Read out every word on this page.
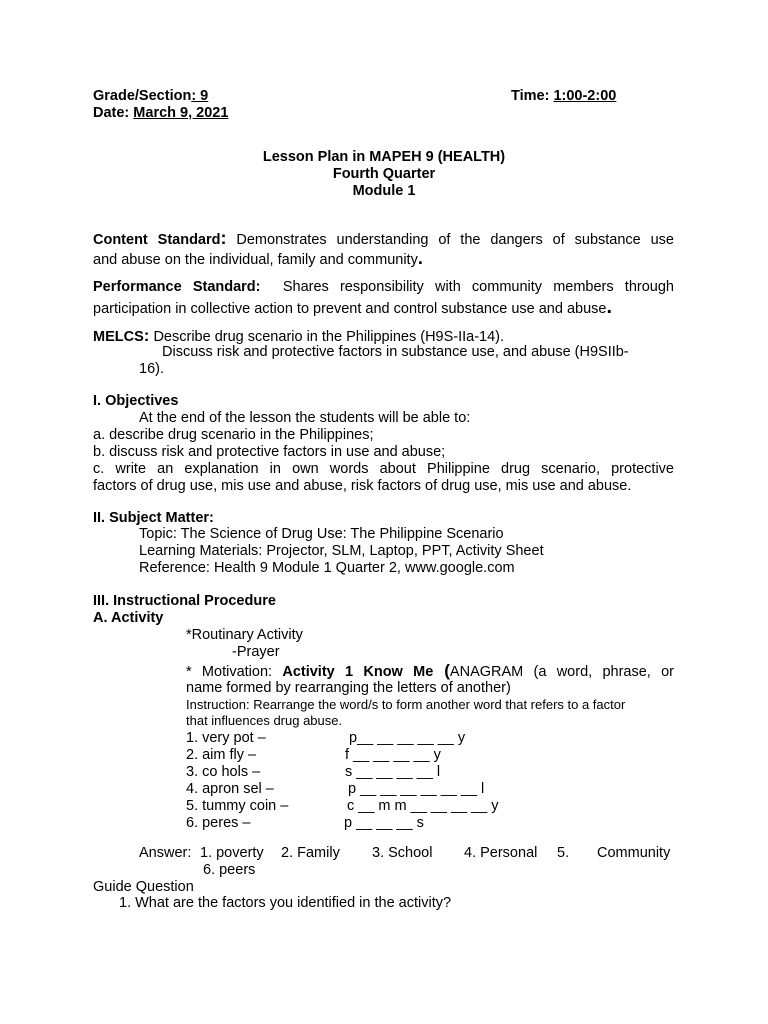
Grade/Section: 9	Time: 1:00-2:00
Date: March 9, 2021
Lesson Plan in MAPEH 9 (HEALTH)
Fourth Quarter
Module 1
Content Standard: Demonstrates understanding of the dangers of substance use
and abuse on the individual, family and community.
Performance Standard: Shares responsibility with community members through
participation in collective action to prevent and control substance use and abuse.
MELCS: Describe drug scenario in the Philippines (H9S-IIa-14).
Discuss risk and protective factors in substance use, and abuse (H9SIIb-
16).
I. Objectives
At the end of the lesson the students will be able to:
a. describe drug scenario in the Philippines;
b. discuss risk and protective factors in use and abuse;
c. write an explanation in own words about Philippine drug scenario, protective
factors of drug use, mis use and abuse, risk factors of drug use, mis use and abuse.
II. Subject Matter:
Topic: The Science of Drug Use: The Philippine Scenario
Learning Materials: Projector, SLM, Laptop, PPT, Activity Sheet
Reference: Health 9 Module 1 Quarter 2, www.google.com
III. Instructional Procedure
A. Activity
*Routinary Activity
-Prayer
* Motivation: Activity 1 Know Me (ANAGRAM (a word, phrase, or
name formed by rearranging the letters of another)
Instruction: Rearrange the word/s to form another word that refers to a factor
that influences drug abuse.
1. very pot –	p__ __ __ __ __ y
2. aim fly –	f __ __ __ __ y
3. co hols –	s __ __ __ __ l
4. apron sel –	p __ __ __ __ __ __ l
5. tummy coin –	c __ m m __ __ __ __ y
6. peres –	p __ __ __ s
Answer: 1. poverty 2. Family 3. School 4. Personal 5. Community
6. peers
Guide Question
1. What are the factors you identified in the activity?
